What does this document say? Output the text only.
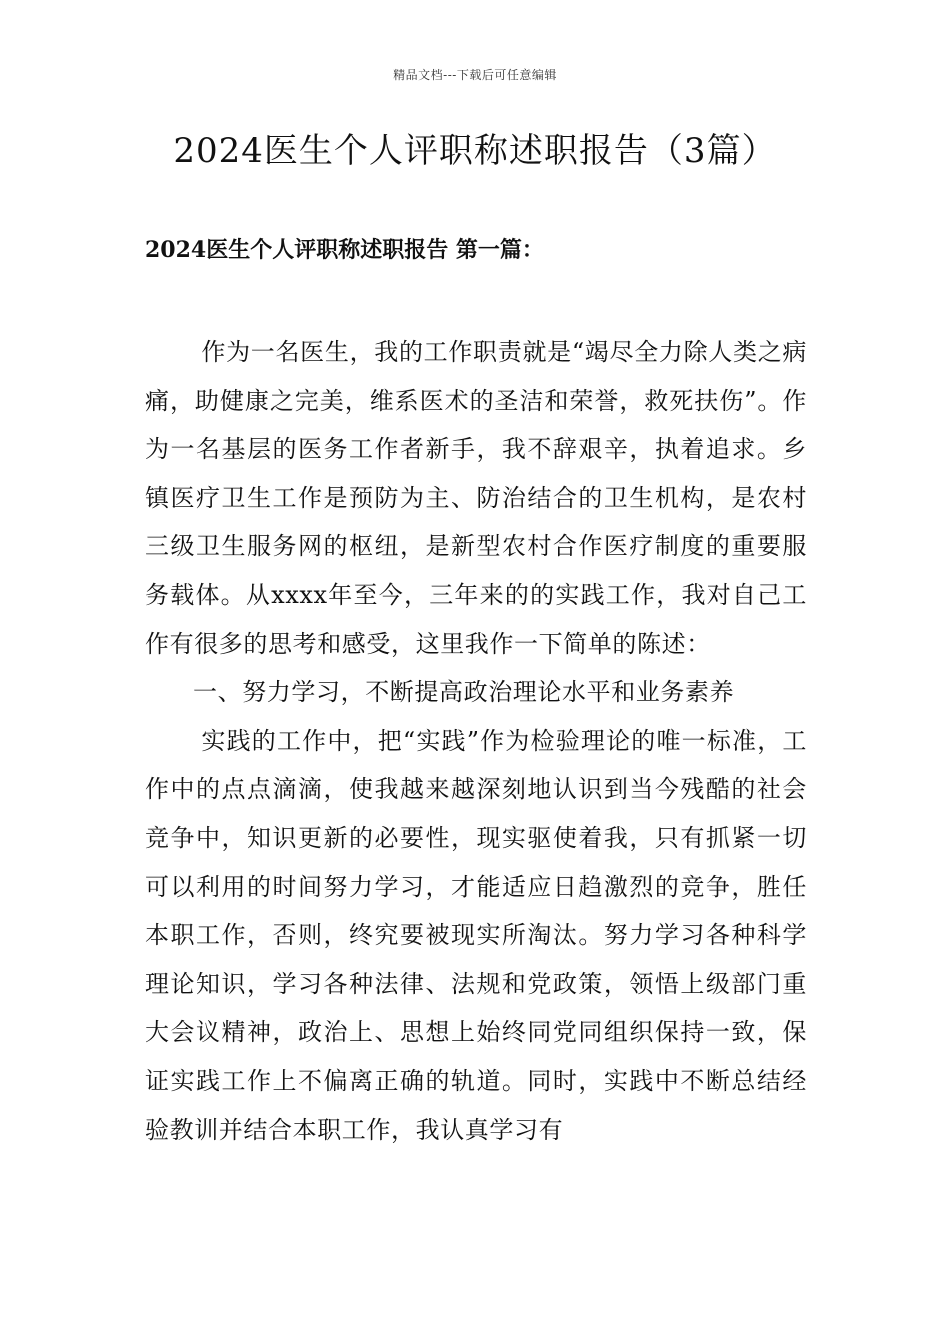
精品文档---下载后可任意编辑
2024医生个人评职称述职报告（3篇）
2024医生个人评职称述职报告 第一篇：

作为一名医生，我的工作职责就是“竭尽全力除人类之病痛，助健康之完美，维系医术的圣洁和荣誉，救死扶伤”。作为一名基层的医务工作者新手，我不辞艰辛，执着追求。乡镇医疗卫生工作是预防为主、防治结合的卫生机构，是农村三级卫生服务网的枢纽，是新型农村合作医疗制度的重要服务载体。从xxxx年至今，三年来的的实践工作，我对自己工作有很多的思考和感受，这里我作一下简单的陈述：

一、努力学习，不断提高政治理论水平和业务素养

实践的工作中，把“实践”作为检验理论的唯一标准，工作中的点点滴滴，使我越来越深刻地认识到当今残酷的社会竞争中，知识更新的必要性，现实驱使着我，只有抓紧一切可以利用的时间努力学习，才能适应日趋激烈的竞争，胜任本职工作，否则，终究要被现实所淘汰。努力学习各种科学理论知识，学习各种法律、法规和党政策，领悟上级部门重大会议精神，政治上、思想上始终同党同组织保持一致，保证实践工作上不偏离正确的轨道。同时，实践中不断总结经验教训并结合本职工作，我认真学习有
